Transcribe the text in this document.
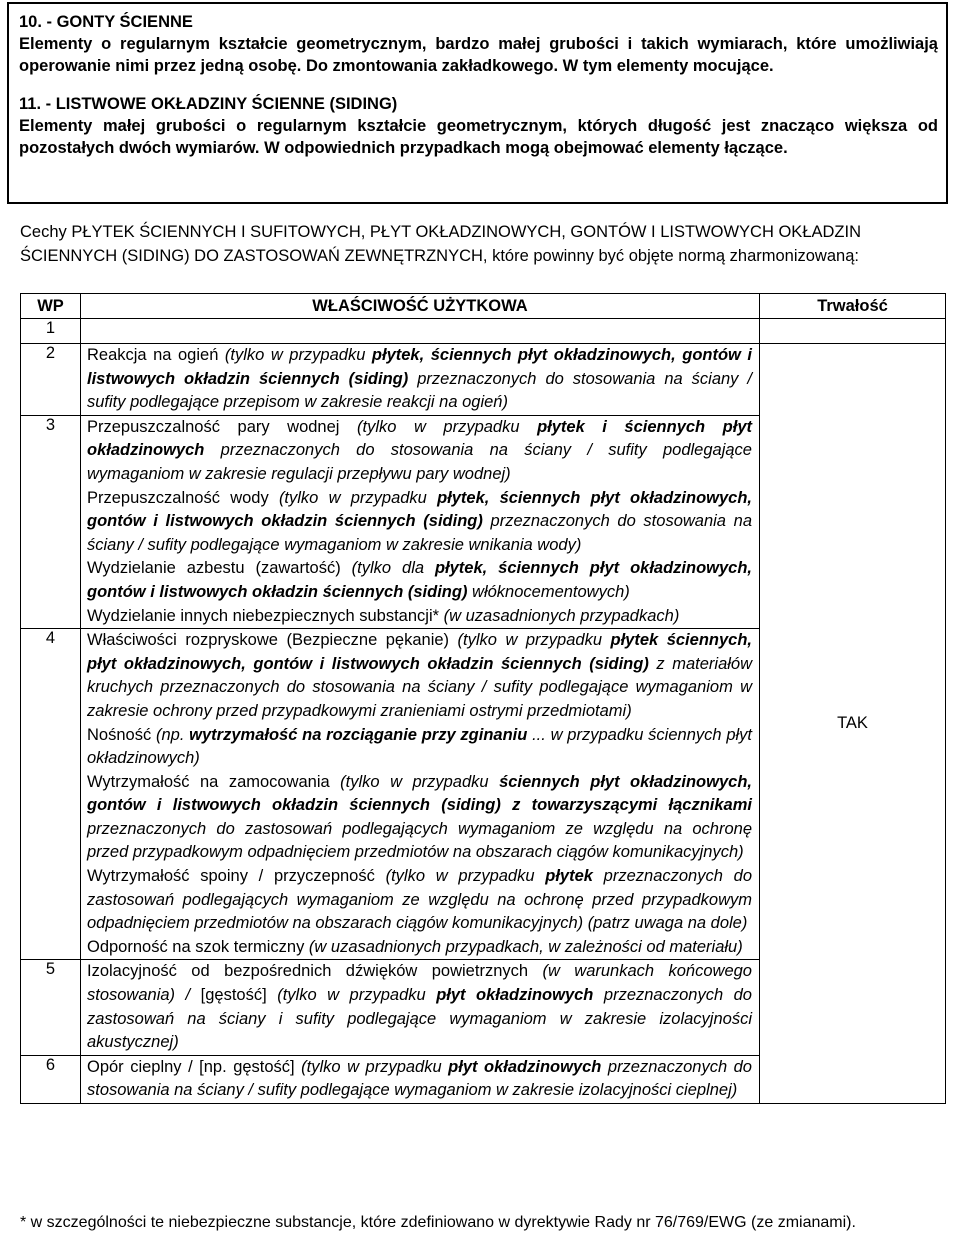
10. - GONTY ŚCIENNE

Elementy o regularnym kształcie geometrycznym, bardzo małej grubości i takich wymiarach, które umożliwiają operowanie nimi przez jedną osobę. Do zmontowania zakładkowego. W tym elementy mocujące.

11. - LISTWOWE OKŁADZINY ŚCIENNE (SIDING)

Elementy małej grubości o regularnym kształcie geometrycznym, których długość jest znacząco większa od pozostałych dwóch wymiarów. W odpowiednich przypadkach mogą obejmować elementy łączące.

Cechy PŁYTEK ŚCIENNYCH I SUFITOWYCH, PŁYT OKŁADZINOWYCH, GONTÓW I LISTWOWYCH OKŁADZIN ŚCIENNYCH (SIDING) DO ZASTOSOWAŃ ZEWNĘTRZNYCH, które powinny być objęte normą zharmonizowaną:

WP	WŁAŚCIWOŚĆ UŻYTKOWA	Trwałość
1		
2	Reakcja na ogień (tylko w przypadku płytek, ściennych płyt okładzinowych, gontów i listwowych okładzin ściennych (siding) przeznaczonych do stosowania na ściany / sufity podlegające przepisom w zakresie reakcji na ogień)	TAK
3	Przepuszczalność pary wodnej (tylko w przypadku płytek i ściennych płyt okładzinowych przeznaczonych do stosowania na ściany / sufity podlegające wymaganiom w zakresie regulacji przepływu pary wodnej)

Przepuszczalność wody (tylko w przypadku płytek, ściennych płyt okładzinowych, gontów i listwowych okładzin ściennych (siding) przeznaczonych do stosowania na ściany / sufity podlegające wymaganiom w zakresie wnikania wody)

Wydzielanie azbestu (zawartość) (tylko dla płytek, ściennych płyt okładzinowych, gontów i listwowych okładzin ściennych (siding) włóknocementowych)

Wydzielanie innych niebezpiecznych substancji* (w uzasadnionych przypadkach)	

4	Właściwości rozpryskowe (Bezpieczne pękanie) (tylko w przypadku płytek ściennych, płyt okładzinowych, gontów i listwowych okładzin ściennych (siding) z materiałów kruchych przeznaczonych do stosowania na ściany / sufity podlegające wymaganiom w zakresie ochrony przed przypadkowymi zranieniami ostrymi przedmiotami)

Nośność (np. wytrzymałość na rozciąganie przy zginaniu ... w przypadku ściennych płyt okładzinowych)

Wytrzymałość na zamocowania (tylko w przypadku ściennych płyt okładzinowych, gontów i listwowych okładzin ściennych (siding) z towarzyszącymi łącznikami przeznaczonych do zastosowań podlegających wymaganiom ze względu na ochronę przed przypadkowym odpadnięciem przedmiotów na obszarach ciągów komunikacyjnych)

Wytrzymałość spoiny / przyczepność (tylko w przypadku płytek przeznaczonych do zastosowań podlegających wymaganiom ze względu na ochronę przed przypadkowym odpadnięciem przedmiotów na obszarach ciągów komunikacyjnych) (patrz uwaga na dole)

Odporność na szok termiczny (w uzasadnionych przypadkach, w zależności od materiału)	

5	Izolacyjność od bezpośrednich dźwięków powietrznych (w warunkach końcowego stosowania) / [gęstość] (tylko w przypadku płyt okładzinowych przeznaczonych do zastosowań na ściany i sufity podlegające wymaganiom w zakresie izolacyjności akustycznej)	

6	Opór cieplny / [np. gęstość] (tylko w przypadku płyt okładzinowych przeznaczonych do stosowania na ściany / sufity podlegające wymaganiom w zakresie izolacyjności cieplnej)	

* w szczególności te niebezpieczne substancje, które zdefiniowano w dyrektywie Rady nr 76/769/EWG (ze zmianami).
